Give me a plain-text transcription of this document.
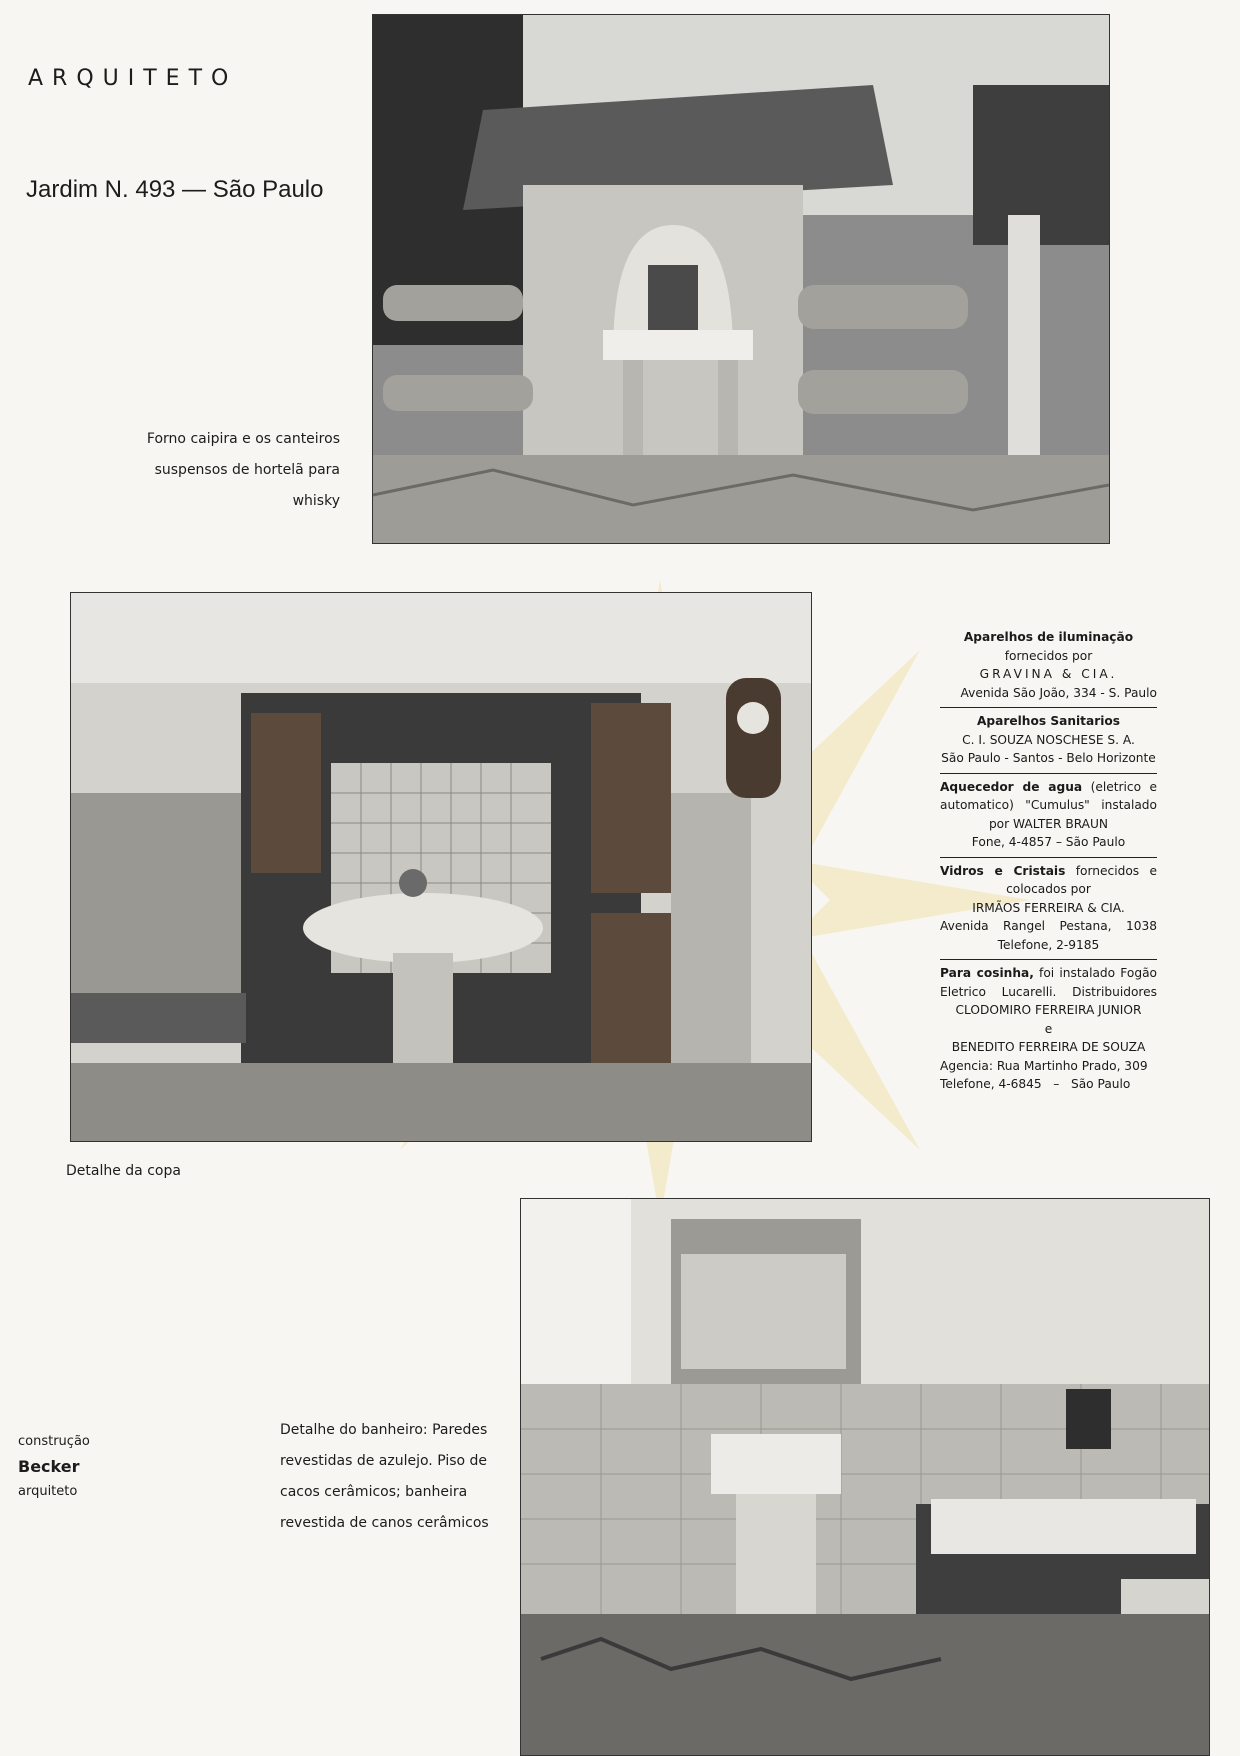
ARQUITETO
Jardim N. 493 — São Paulo
Forno caipira e os canteiros
suspensos de hortelã para
whisky
Detalhe da copa
Detalhe do banheiro: Paredes
revestidas de azulejo. Piso de
cacos cerâmicos; banheira
revestida de canos cerâmicos
construção
Becker
arquiteto
Aparelhos de iluminação
fornecidos por
GRAVINA & CIA.
Avenida São João, 334 - S. Paulo
Aparelhos Sanitarios
C. I. SOUZA NOSCHESE S. A.
São Paulo - Santos - Belo Horizonte
Aquecedor de agua (eletrico e
automatico) "Cumulus" instalado
por WALTER BRAUN
Fone, 4-4857 – São Paulo
Vidros e Cristais fornecidos e
colocados por
IRMÃOS FERREIRA & CIA.
Avenida Rangel Pestana, 1038
Telefone, 2-9185
Para cosinha, foi instalado Fogão
Eletrico Lucarelli. Distribuidores
CLODOMIRO FERREIRA JUNIOR
e
BENEDITO FERREIRA DE SOUZA
Agencia: Rua Martinho Prado, 309
Telefone, 4-6845   –   São Paulo
